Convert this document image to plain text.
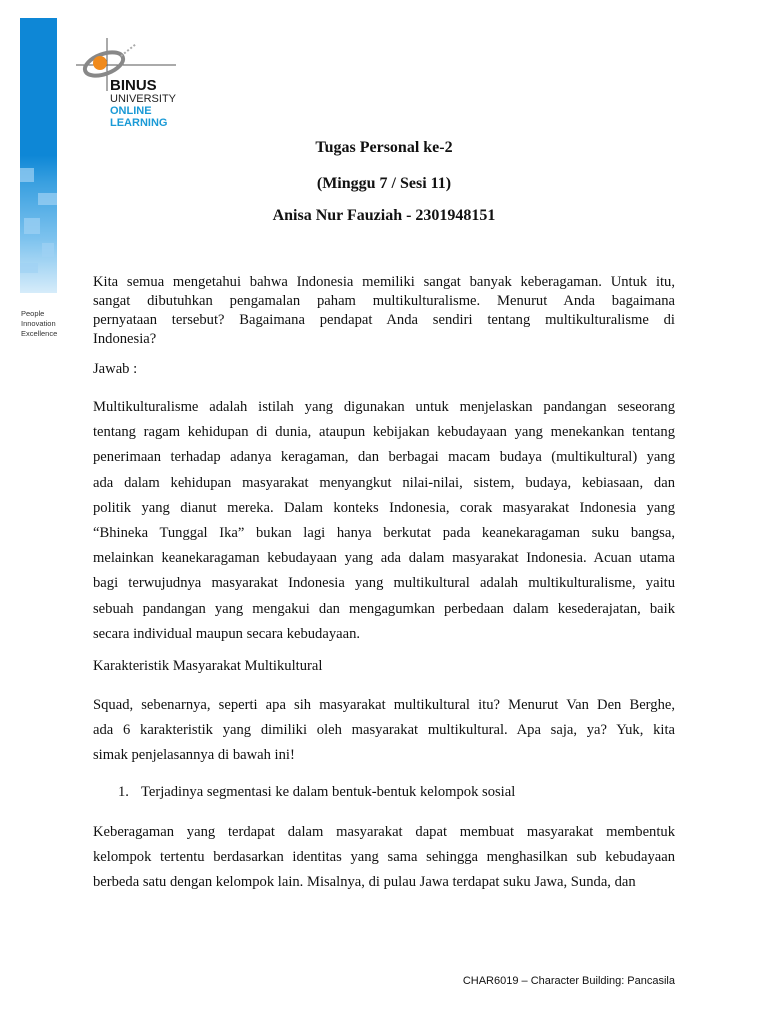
People
Innovation
Excellence
BINUS
UNIVERSITY
ONLINE
LEARNING
Tugas Personal ke-2
(Minggu 7 / Sesi 11)
Anisa Nur Fauziah - 2301948151
Kita semua mengetahui bahwa Indonesia memiliki sangat banyak keberagaman. Untuk itu,
sangat dibutuhkan pengamalan paham multikulturalisme. Menurut Anda bagaimana
pernyataan tersebut? Bagaimana pendapat Anda sendiri tentang multikulturalisme di
Indonesia?
Jawab :
Multikulturalisme adalah istilah yang digunakan untuk menjelaskan pandangan seseorang
tentang ragam kehidupan di dunia, ataupun kebijakan kebudayaan yang menekankan tentang
penerimaan terhadap adanya keragaman, dan berbagai macam budaya (multikultural) yang
ada dalam kehidupan masyarakat menyangkut nilai-nilai, sistem, budaya, kebiasaan, dan
politik yang dianut mereka. Dalam konteks Indonesia, corak masyarakat Indonesia yang
“Bhineka Tunggal Ika” bukan lagi hanya berkutat pada keanekaragaman suku bangsa,
melainkan keanekaragaman kebudayaan yang ada dalam masyarakat Indonesia. Acuan utama
bagi terwujudnya masyarakat Indonesia yang multikultural adalah multikulturalisme, yaitu
sebuah pandangan yang mengakui dan mengagumkan perbedaan dalam kesederajatan, baik
secara individual maupun secara kebudayaan.
Karakteristik Masyarakat Multikultural
Squad, sebenarnya, seperti apa sih masyarakat multikultural itu? Menurut Van Den Berghe,
ada 6 karakteristik yang dimiliki oleh masyarakat multikultural. Apa saja, ya? Yuk, kita
simak penjelasannya di bawah ini!
1. Terjadinya segmentasi ke dalam bentuk-bentuk kelompok sosial
Keberagaman yang terdapat dalam masyarakat dapat membuat masyarakat membentuk
kelompok tertentu berdasarkan identitas yang sama sehingga menghasilkan sub kebudayaan
berbeda satu dengan kelompok lain. Misalnya, di pulau Jawa terdapat suku Jawa, Sunda, dan
CHAR6019 – Character Building: Pancasila
